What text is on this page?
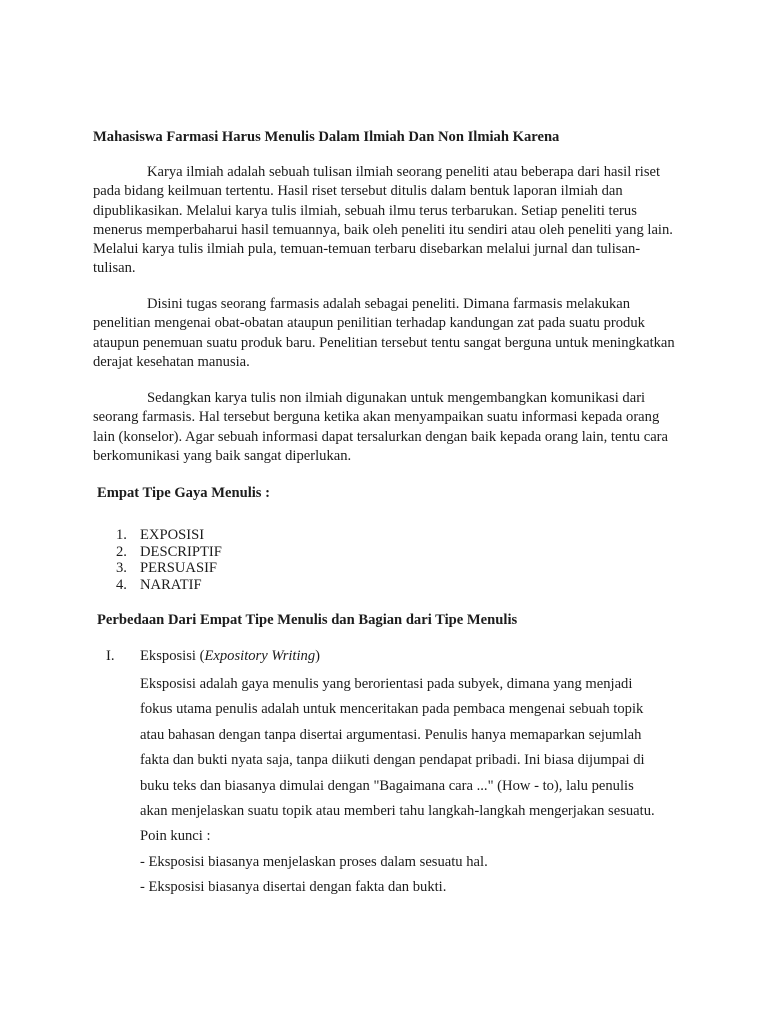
Mahasiswa Farmasi Harus Menulis Dalam Ilmiah Dan Non Ilmiah Karena

Karya ilmiah adalah sebuah tulisan ilmiah seorang peneliti atau beberapa dari hasil riset pada bidang keilmuan tertentu. Hasil riset tersebut ditulis dalam bentuk laporan ilmiah dan dipublikasikan. Melalui karya tulis ilmiah, sebuah ilmu terus terbarukan. Setiap peneliti terus menerus memperbaharui hasil temuannya, baik oleh peneliti itu sendiri atau oleh peneliti yang lain. Melalui karya tulis ilmiah pula, temuan-temuan terbaru disebarkan melalui jurnal dan tulisan-tulisan.

Disini tugas seorang farmasis adalah sebagai peneliti. Dimana farmasis melakukan penelitian mengenai obat-obatan ataupun penilitian terhadap kandungan zat pada suatu produk ataupun penemuan suatu produk baru. Penelitian tersebut tentu sangat berguna untuk meningkatkan derajat kesehatan manusia.

Sedangkan karya tulis non ilmiah digunakan untuk mengembangkan komunikasi dari seorang farmasis. Hal tersebut berguna ketika akan menyampaikan suatu informasi kepada orang lain (konselor). Agar sebuah informasi dapat tersalurkan dengan baik kepada orang lain, tentu cara berkomunikasi yang baik sangat diperlukan.

Empat Tipe Gaya Menulis :
1. EXPOSISI
2. DESCRIPTIF
3. PERSUASIF
4. NARATIF
Perbedaan Dari Empat Tipe Menulis dan Bagian dari Tipe Menulis
I. Eksposisi (Expository Writing)

Eksposisi adalah gaya menulis yang berorientasi pada subyek, dimana yang menjadi fokus utama penulis adalah untuk menceritakan pada pembaca mengenai sebuah topik atau bahasan dengan tanpa disertai argumentasi. Penulis hanya memaparkan sejumlah fakta dan bukti nyata saja, tanpa diikuti dengan pendapat pribadi. Ini biasa dijumpai di buku teks dan biasanya dimulai dengan "Bagaimana cara ..." (How - to), lalu penulis akan menjelaskan suatu topik atau memberi tahu langkah-langkah mengerjakan sesuatu.

Poin kunci :

- Eksposisi biasanya menjelaskan proses dalam sesuatu hal.

- Eksposisi biasanya disertai dengan fakta dan bukti.
